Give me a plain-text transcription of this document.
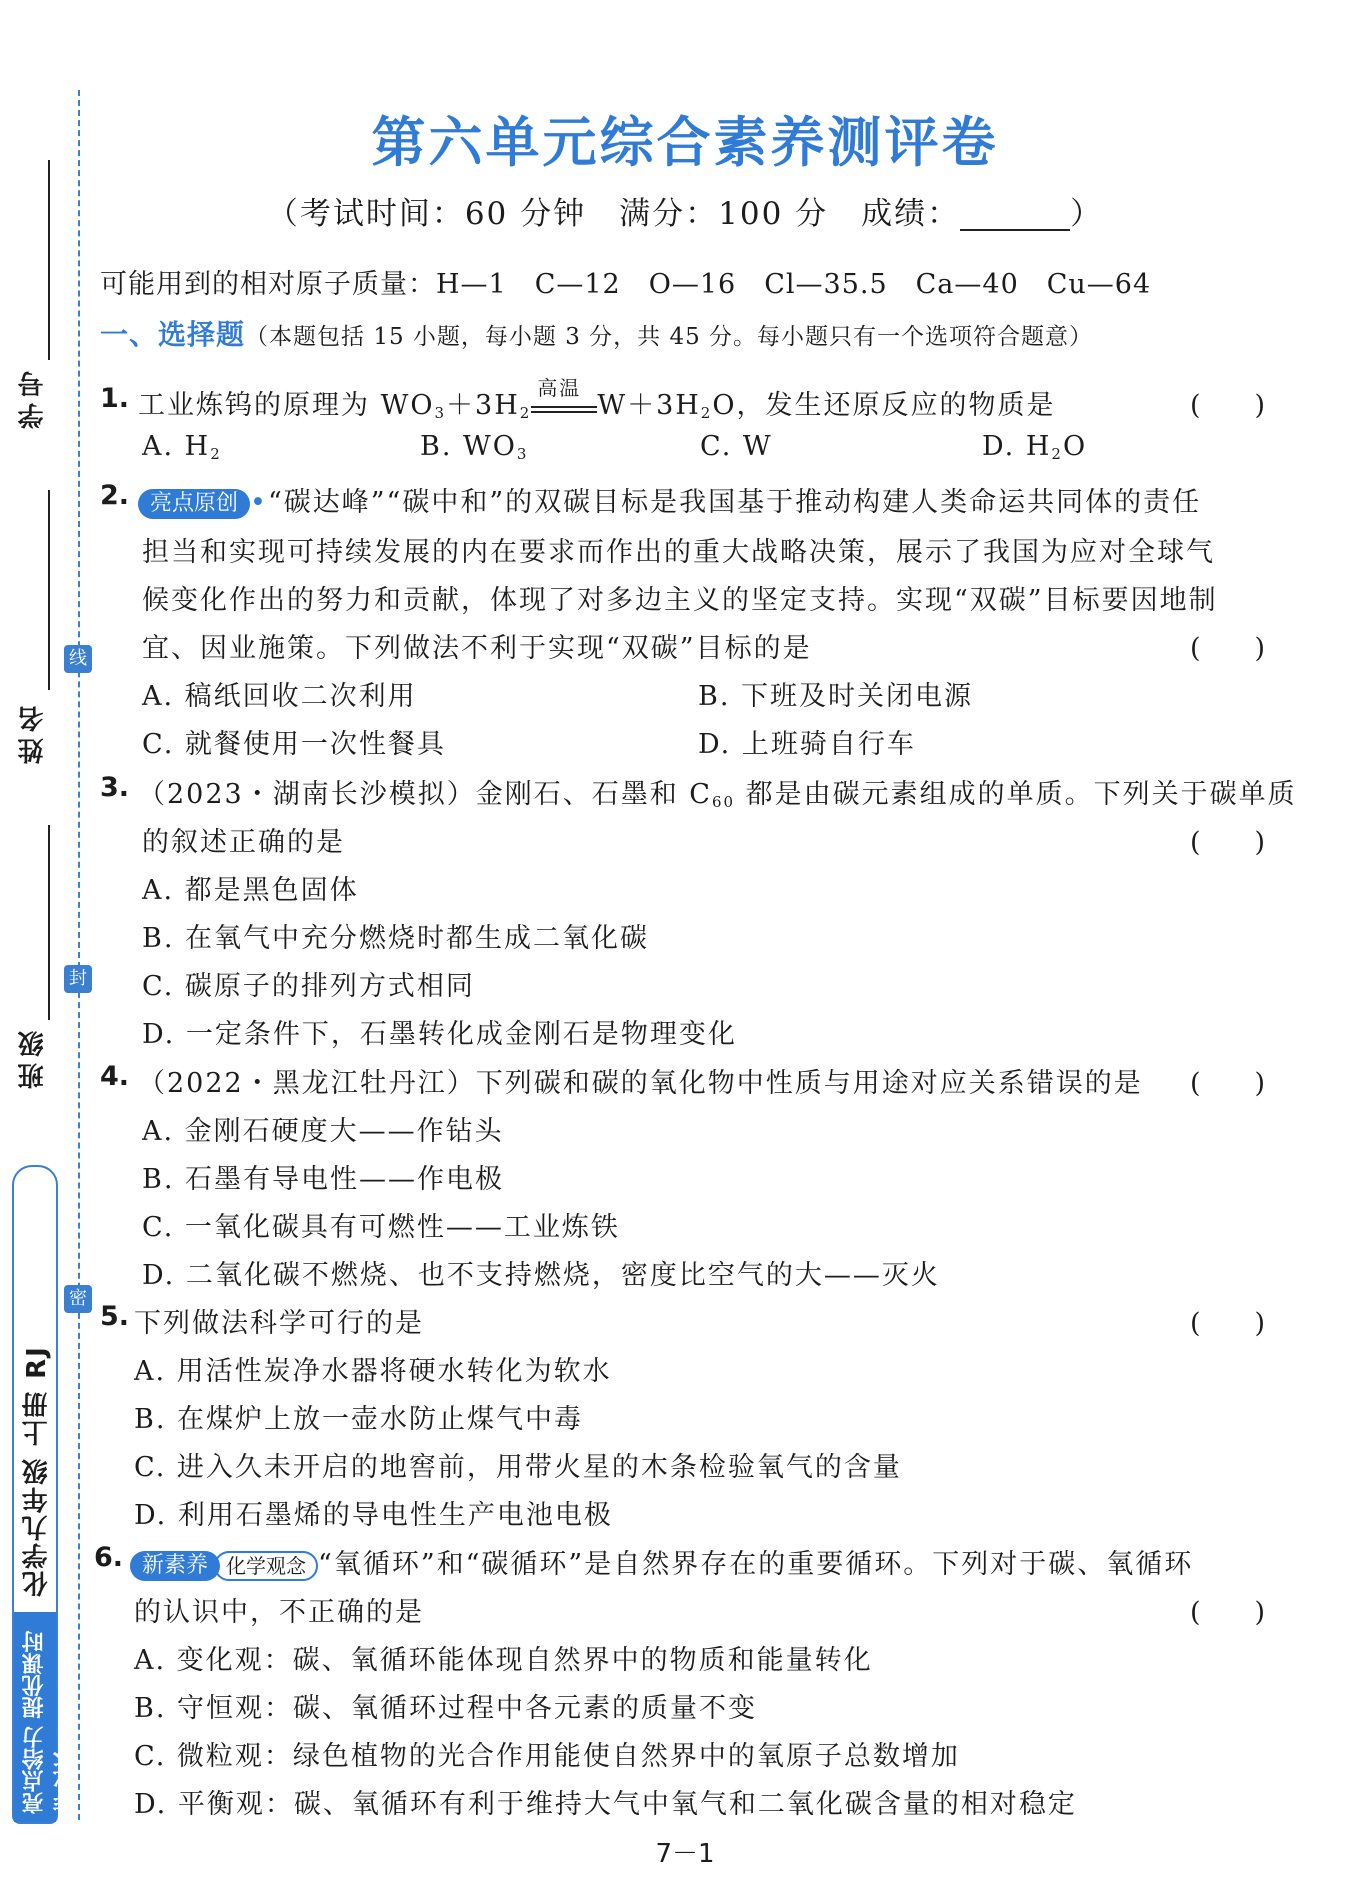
学号
姓名
班级
线
封
密
化学九年级 上册 RJ
亮点给力 提优课时作业本
第六单元综合素养测评卷
（考试时间：60 分钟　满分：100 分　成绩：	）
可能用到的相对原子质量：H—1　C—12　O—16　Cl—35.5　Ca—40　Cu—64
一、选择题（本题包括 15 小题，每小题 3 分，共 45 分。每小题只有一个选项符合题意）
1. 工业炼钨的原理为 $WO_3+3H_2$
高温
$W+3H_2O$，发生还原反应的物质是	(　　)
A. $H_2$	B. $WO_3$	C. W	D. $H_2O$
2. 亮点原创 •“碳达峰”“碳中和”的双碳目标是我国基于推动构建人类命运共同体的责任
担当和实现可持续发展的内在要求而作出的重大战略决策，展示了我国为应对全球气
候变化作出的努力和贡献，体现了对多边主义的坚定支持。实现“双碳”目标要因地制
宜、因业施策。下列做法不利于实现“双碳”目标的是	(　　)
A. 稿纸回收二次利用	B. 下班及时关闭电源
C. 就餐使用一次性餐具	D. 上班骑自行车
3. （2023・湖南长沙模拟）金刚石、石墨和 $C_{60}$ 都是由碳元素组成的单质。下列关于碳单质
的叙述正确的是	(　　)
A. 都是黑色固体
B. 在氧气中充分燃烧时都生成二氧化碳
C. 碳原子的排列方式相同
D. 一定条件下，石墨转化成金刚石是物理变化
4. （2022・黑龙江牡丹江）下列碳和碳的氧化物中性质与用途对应关系错误的是 (　　)
A. 金刚石硬度大——作钻头
B. 石墨有导电性——作电极
C. 一氧化碳具有可燃性——工业炼铁
D. 二氧化碳不燃烧、也不支持燃烧，密度比空气的大——灭火
5. 下列做法科学可行的是	(　　)
A. 用活性炭净水器将硬水转化为软水
B. 在煤炉上放一壶水防止煤气中毒
C. 进入久未开启的地窖前，用带火星的木条检验氧气的含量
D. 利用石墨烯的导电性生产电池电极
6. 新素养 化学观念 “氧循环”和“碳循环”是自然界存在的重要循环。下列对于碳、氧循环
的认识中，不正确的是	(　　)
A. 变化观：碳、氧循环能体现自然界中的物质和能量转化
B. 守恒观：碳、氧循环过程中各元素的质量不变
C. 微粒观：绿色植物的光合作用能使自然界中的氧原子总数增加
D. 平衡观：碳、氧循环有利于维持大气中氧气和二氧化碳含量的相对稳定
7－1
